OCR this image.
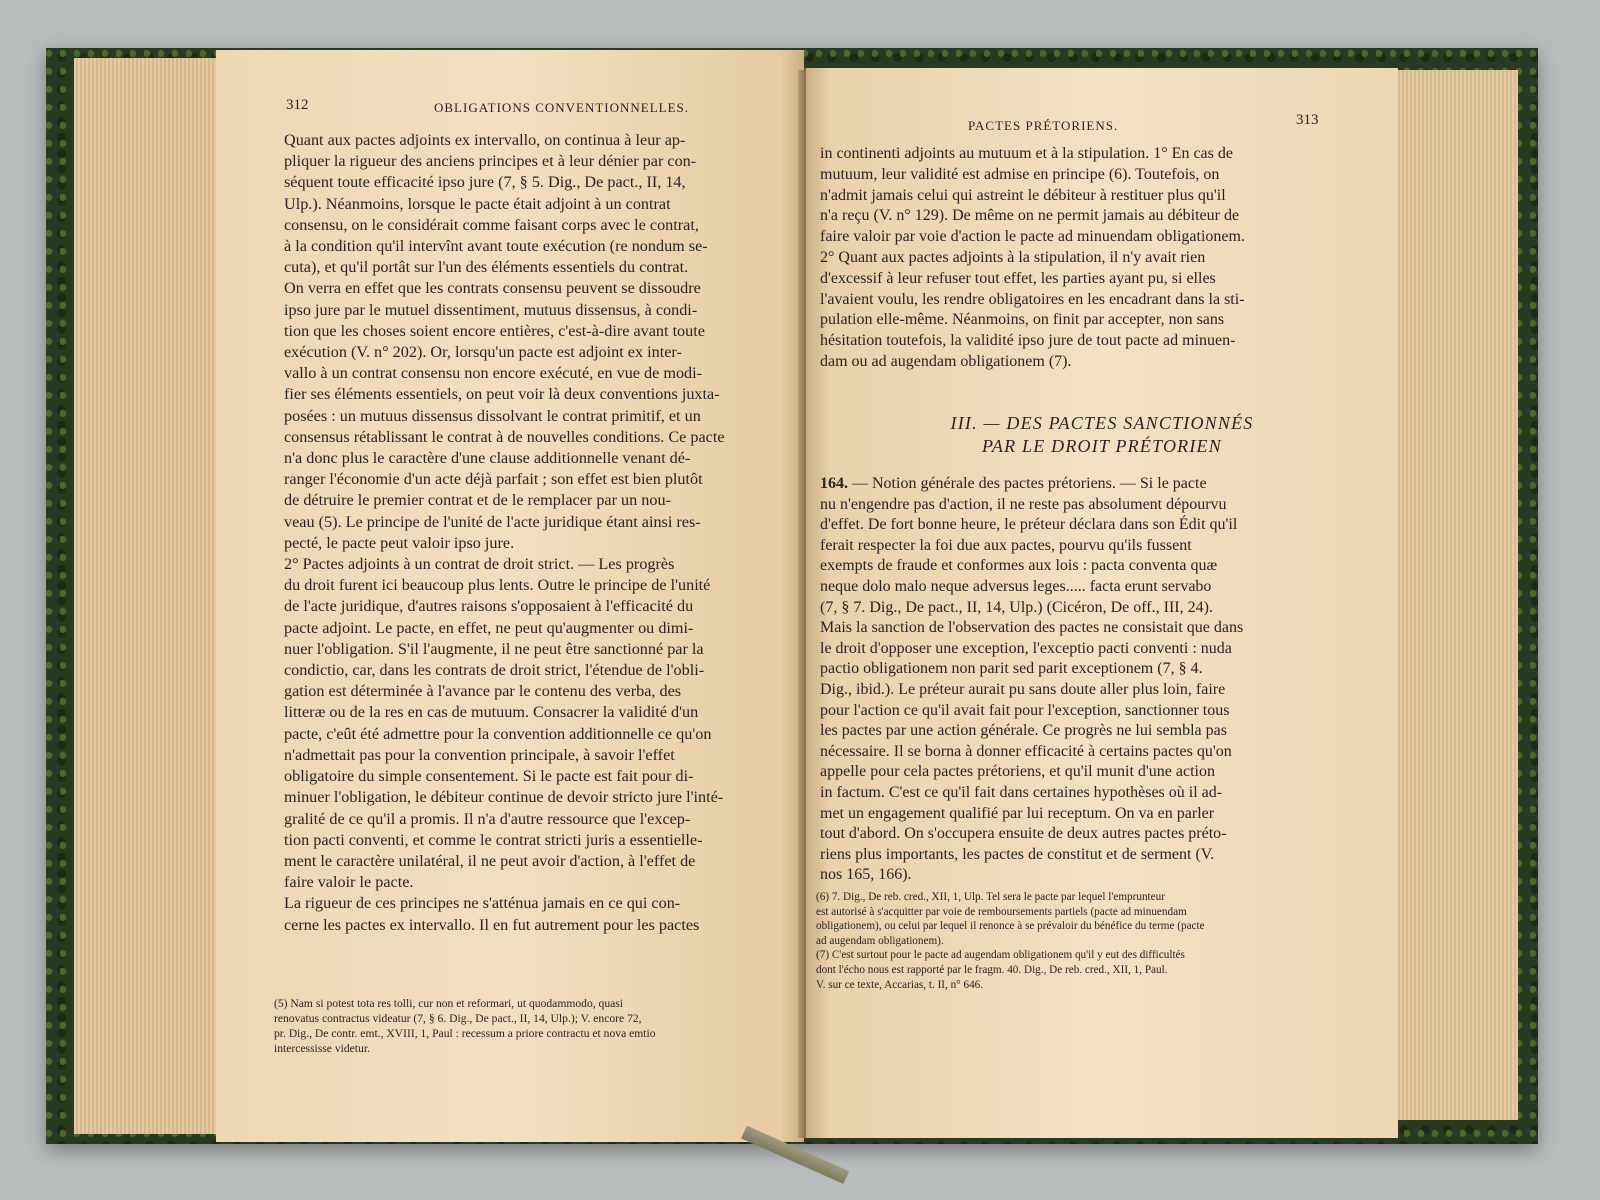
312	OBLIGATIONS CONVENTIONNELLES.
Quant aux pactes adjoints ex intervallo, on continua à leur ap-
pliquer la rigueur des anciens principes et à leur dénier par con-
séquent toute efficacité ipso jure (7, § 5. Dig., De pact., II, 14,
Ulp.). Néanmoins, lorsque le pacte était adjoint à un contrat
consensu, on le considérait comme faisant corps avec le contrat,
à la condition qu'il intervînt avant toute exécution (re nondum se-
cuta), et qu'il portât sur l'un des éléments essentiels du contrat.
On verra en effet que les contrats consensu peuvent se dissoudre
ipso jure par le mutuel dissentiment, mutuus dissensus, à condi-
tion que les choses soient encore entières, c'est-à-dire avant toute
exécution (V. n° 202). Or, lorsqu'un pacte est adjoint ex inter-
vallo à un contrat consensu non encore exécuté, en vue de modi-
fier ses éléments essentiels, on peut voir là deux conventions juxta-
posées : un mutuus dissensus dissolvant le contrat primitif, et un
consensus rétablissant le contrat à de nouvelles conditions. Ce pacte
n'a donc plus le caractère d'une clause additionnelle venant dé-
ranger l'économie d'un acte déjà parfait ; son effet est bien plutôt
de détruire le premier contrat et de le remplacer par un nou-
veau (5). Le principe de l'unité de l'acte juridique étant ainsi res-
pecté, le pacte peut valoir ipso jure.
2° Pactes adjoints à un contrat de droit strict. — Les progrès
du droit furent ici beaucoup plus lents. Outre le principe de l'unité
de l'acte juridique, d'autres raisons s'opposaient à l'efficacité du
pacte adjoint. Le pacte, en effet, ne peut qu'augmenter ou dimi-
nuer l'obligation. S'il l'augmente, il ne peut être sanctionné par la
condictio, car, dans les contrats de droit strict, l'étendue de l'obli-
gation est déterminée à l'avance par le contenu des verba, des
litteræ ou de la res en cas de mutuum. Consacrer la validité d'un
pacte, c'eût été admettre pour la convention additionnelle ce qu'on
n'admettait pas pour la convention principale, à savoir l'effet
obligatoire du simple consentement. Si le pacte est fait pour di-
minuer l'obligation, le débiteur continue de devoir stricto jure l'inté-
gralité de ce qu'il a promis. Il n'a d'autre ressource que l'excep-
tion pacti conventi, et comme le contrat stricti juris a essentielle-
ment le caractère unilatéral, il ne peut avoir d'action, à l'effet de
faire valoir le pacte.
La rigueur de ces principes ne s'atténua jamais en ce qui con-
cerne les pactes ex intervallo. Il en fut autrement pour les pactes
(5) Nam si potest tota res tolli, cur non et reformari, ut quodammodo, quasi
renovatus contractus videatur (7, § 6. Dig., De pact., II, 14, Ulp.); V. encore 72,
pr. Dig., De contr. emt., XVIII, 1, Paul : recessum a priore contractu et nova emtio
intercessisse videtur.
PACTES PRÉTORIENS.	313
in continenti adjoints au mutuum et à la stipulation. 1° En cas de
mutuum, leur validité est admise en principe (6). Toutefois, on
n'admit jamais celui qui astreint le débiteur à restituer plus qu'il
n'a reçu (V. n° 129). De même on ne permit jamais au débiteur de
faire valoir par voie d'action le pacte ad minuendam obligationem.
2° Quant aux pactes adjoints à la stipulation, il n'y avait rien
d'excessif à leur refuser tout effet, les parties ayant pu, si elles
l'avaient voulu, les rendre obligatoires en les encadrant dans la sti-
pulation elle-même. Néanmoins, on finit par accepter, non sans
hésitation toutefois, la validité ipso jure de tout pacte ad minuen-
dam ou ad augendam obligationem (7).
III. — DES PACTES SANCTIONNÉS
PAR LE DROIT PRÉTORIEN
164. — Notion générale des pactes prétoriens. — Si le pacte
nu n'engendre pas d'action, il ne reste pas absolument dépourvu
d'effet. De fort bonne heure, le préteur déclara dans son Édit qu'il
ferait respecter la foi due aux pactes, pourvu qu'ils fussent
exempts de fraude et conformes aux lois : pacta conventa quæ
neque dolo malo neque adversus leges..... facta erunt servabo
(7, § 7. Dig., De pact., II, 14, Ulp.) (Cicéron, De off., III, 24).
Mais la sanction de l'observation des pactes ne consistait que dans
le droit d'opposer une exception, l'exceptio pacti conventi : nuda
pactio obligationem non parit sed parit exceptionem (7, § 4.
Dig., ibid.). Le préteur aurait pu sans doute aller plus loin, faire
pour l'action ce qu'il avait fait pour l'exception, sanctionner tous
les pactes par une action générale. Ce progrès ne lui sembla pas
nécessaire. Il se borna à donner efficacité à certains pactes qu'on
appelle pour cela pactes prétoriens, et qu'il munit d'une action
in factum. C'est ce qu'il fait dans certaines hypothèses où il ad-
met un engagement qualifié par lui receptum. On va en parler
tout d'abord. On s'occupera ensuite de deux autres pactes préto-
riens plus importants, les pactes de constitut et de serment (V.
nos 165, 166).
(6) 7. Dig., De reb. cred., XII, 1, Ulp. Tel sera le pacte par lequel l'emprunteur
est autorisé à s'acquitter par voie de remboursements partiels (pacte ad minuendam
obligationem), ou celui par lequel il renonce à se prévaloir du bénéfice du terme (pacte
ad augendam obligationem).
(7) C'est surtout pour le pacte ad augendam obligationem qu'il y eut des difficultés
dont l'écho nous est rapporté par le fragm. 40. Dig., De reb. cred., XII, 1, Paul.
V. sur ce texte, Accarias, t. II, n° 646.
